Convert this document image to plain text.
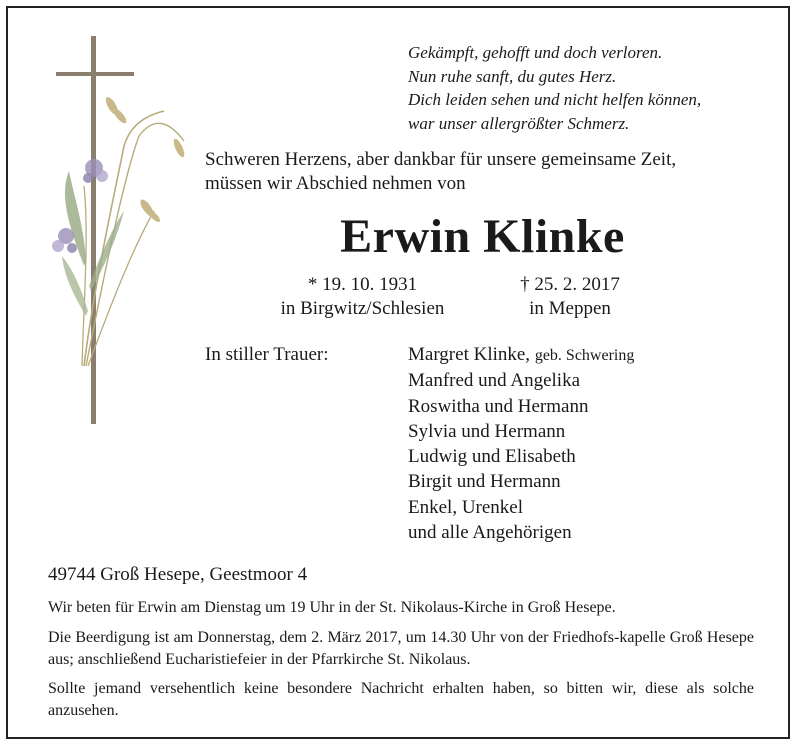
Gekämpft, gehofft und doch verloren.
Nun ruhe sanft, du gutes Herz.
Dich leiden sehen und nicht helfen können,
war unser allergrößter Schmerz.
Schweren Herzens, aber dankbar für unsere gemeinsame Zeit,
müssen wir Abschied nehmen von
Erwin Klinke
* 19. 10. 1931
in Birgwitz/Schlesien
† 25. 2. 2017
in Meppen
In stiller Trauer:	Margret Klinke, geb. Schwering
Manfred und Angelika
Roswitha und Hermann
Sylvia und Hermann
Ludwig und Elisabeth
Birgit und Hermann
Enkel, Urenkel
und alle Angehörigen
49744 Groß Hesepe, Geestmoor 4
Wir beten für Erwin am Dienstag um 19 Uhr in der St. Nikolaus-Kirche in Groß Hesepe.
Die Beerdigung ist am Donnerstag, dem 2. März 2017, um 14.30 Uhr von der Friedhofs-kapelle Groß Hesepe aus; anschließend Eucharistiefeier in der Pfarrkirche St. Nikolaus.
Sollte jemand versehentlich keine besondere Nachricht erhalten haben, so bitten wir, diese als solche anzusehen.
